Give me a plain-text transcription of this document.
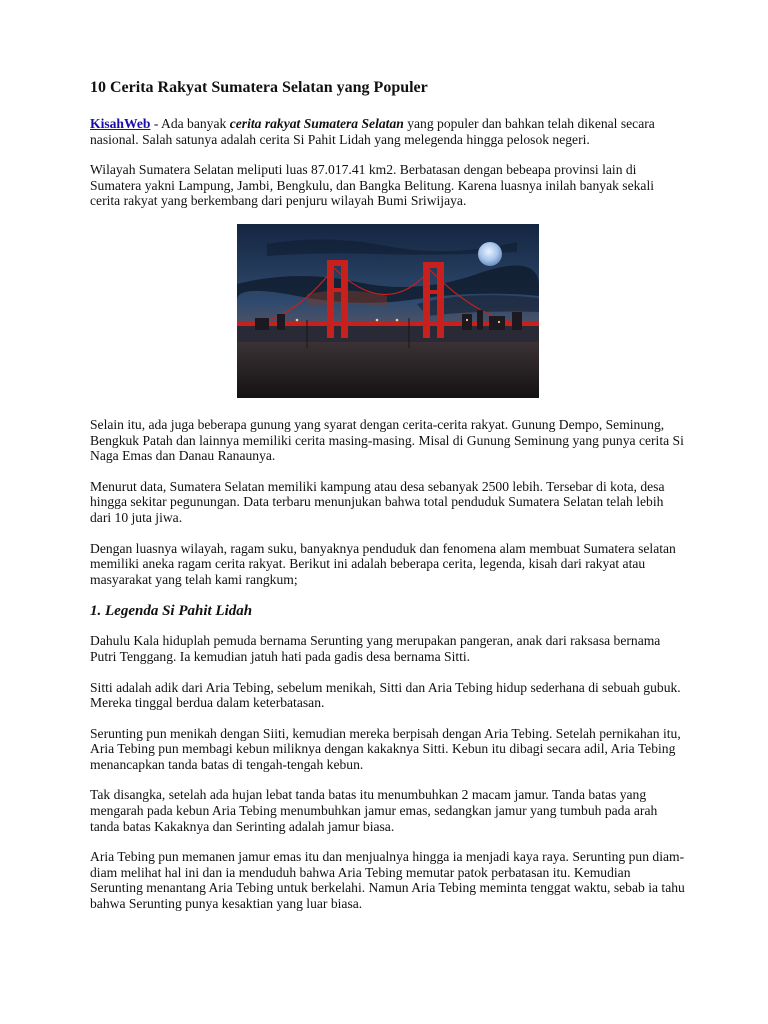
10 Cerita Rakyat Sumatera Selatan yang Populer

KisahWeb - Ada banyak cerita rakyat Sumatera Selatan yang populer dan bahkan telah dikenal secara nasional. Salah satunya adalah cerita Si Pahit Lidah yang melegenda hingga pelosok negeri.

Wilayah Sumatera Selatan meliputi luas 87.017.41 km2. Berbatasan dengan bebeapa provinsi lain di Sumatera yakni Lampung, Jambi, Bengkulu, dan Bangka Belitung. Karena luasnya inilah banyak sekali cerita rakyat yang berkembang dari penjuru wilayah Bumi Sriwijaya.

Selain itu, ada juga beberapa gunung yang syarat dengan cerita-cerita rakyat. Gunung Dempo, Seminung, Bengkuk Patah dan lainnya memiliki cerita masing-masing. Misal di Gunung Seminung yang punya cerita Si Naga Emas dan Danau Ranaunya.

Menurut data, Sumatera Selatan memiliki kampung atau desa sebanyak 2500 lebih. Tersebar di kota, desa hingga sekitar pegunungan. Data terbaru menunjukan bahwa total penduduk Sumatera Selatan telah lebih dari 10 juta jiwa.

Dengan luasnya wilayah, ragam suku, banyaknya penduduk dan fenomena alam membuat Sumatera selatan memiliki aneka ragam cerita rakyat. Berikut ini adalah beberapa cerita, legenda, kisah dari rakyat atau masyarakat yang telah kami rangkum;

1. Legenda Si Pahit Lidah

Dahulu Kala hiduplah pemuda bernama Serunting yang merupakan pangeran, anak dari raksasa bernama Putri Tenggang. Ia kemudian jatuh hati pada gadis desa bernama Sitti.

Sitti adalah adik dari Aria Tebing, sebelum menikah, Sitti dan Aria Tebing hidup sederhana di sebuah gubuk. Mereka tinggal berdua dalam keterbatasan.

Serunting pun menikah dengan Siiti, kemudian mereka berpisah dengan Aria Tebing. Setelah pernikahan itu, Aria Tebing pun membagi kebun miliknya dengan kakaknya Sitti. Kebun itu dibagi secara adil, Aria Tebing menancapkan tanda batas di tengah-tengah kebun.

Tak disangka, setelah ada hujan lebat tanda batas itu menumbuhkan 2 macam jamur. Tanda batas yang mengarah pada kebun Aria Tebing menumbuhkan jamur emas, sedangkan jamur yang tumbuh pada arah tanda batas Kakaknya dan Serinting adalah jamur biasa.

Aria Tebing pun memanen jamur emas itu dan menjualnya hingga ia menjadi kaya raya. Serunting pun diam-diam melihat hal ini dan ia menduduh bahwa Aria Tebing memutar patok perbatasan itu. Kemudian Serunting menantang Aria Tebing untuk berkelahi. Namun Aria Tebing meminta tenggat waktu, sebab ia tahu bahwa Serunting punya kesaktian yang luar biasa.
